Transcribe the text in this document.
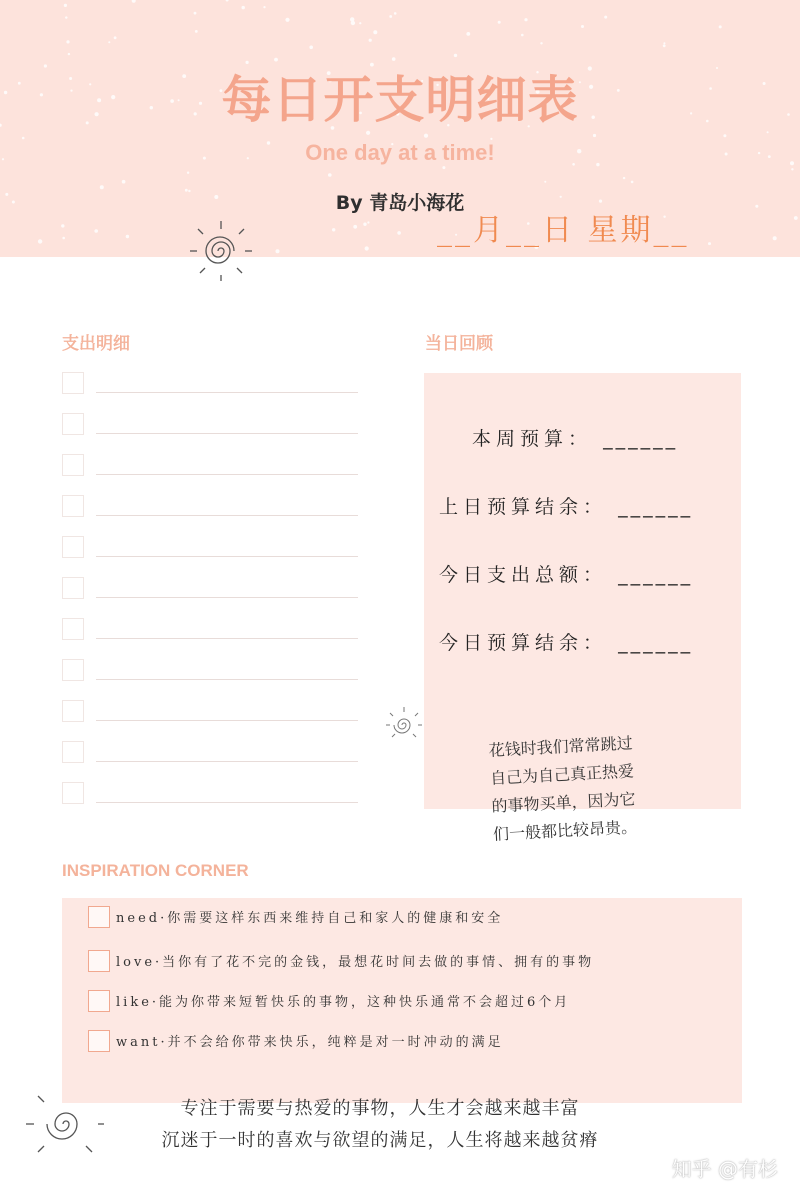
每日开支明细表
One day at a time!
By 青岛小海花
__月__日 星期__
支出明细	当日回顾
本周预算： ______
上日预算结余： ______
今日支出总额： ______
今日预算结余： ______
花钱时我们常常跳过
自己为自己真正热爱
的事物买单，因为它
们一般都比较昂贵。
INSPIRATION CORNER
need·你需要这样东西来维持自己和家人的健康和安全
love·当你有了花不完的金钱，最想花时间去做的事情、拥有的事物
like·能为你带来短暂快乐的事物，这种快乐通常不会超过6个月
want·并不会给你带来快乐，纯粹是对一时冲动的满足
专注于需要与热爱的事物，人生才会越来越丰富
沉迷于一时的喜欢与欲望的满足，人生将越来越贫瘠
知乎 @有杉
